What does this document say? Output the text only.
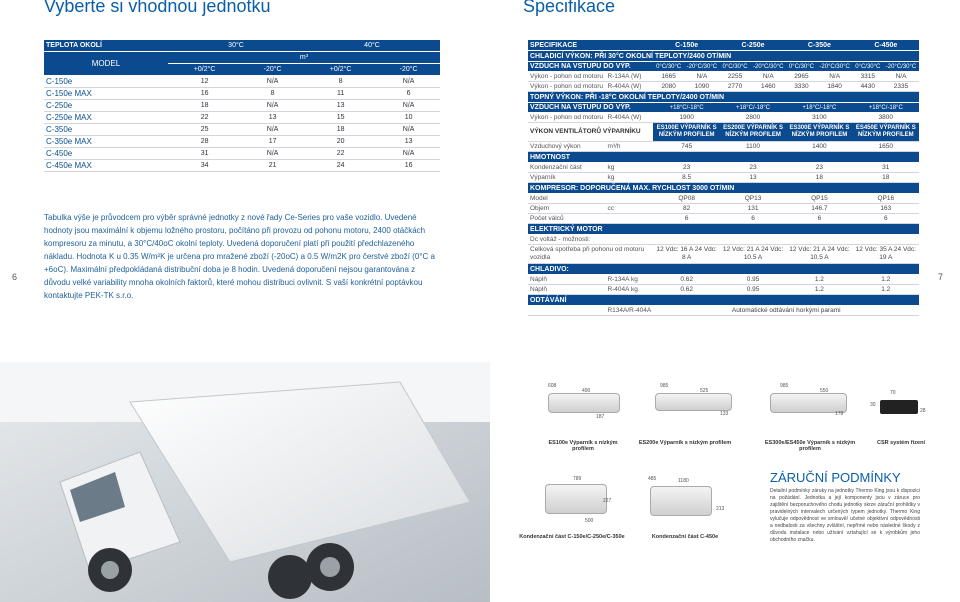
Vyberte si vhodnou jednotku
TEPLOTA OKOLÍ	30°C		40°C	
MODEL	m³			
	+0/2°C	-20°C	+0/2°C	-20°C
C-150e	12	N/A	8	N/A
C-150e MAX	16	8	11	6
C-250e	18	N/A	13	N/A
C-250e MAX	22	13	15	10
C-350e	25	N/A	18	N/A
C-350e MAX	28	17	20	13
C-450e	31	N/A	22	N/A
C-450e MAX	34	21	24	16
Tabulka výše je průvodcem pro výběr správné jednotky z nové řady Ce-Series pro vaše vozidlo. Uvedené hodnoty jsou maximální k objemu ložného prostoru, počítáno při provozu od pohonu motoru, 2400 otáčkách kompresoru za minutu, a 30°C/40oC okolní teploty. Uvedená doporučení platí při použití předchlazeného nákladu. Hodnota K u 0.35 W/m²K je určena pro mražené zboží (-20oC) a 0.5 W/m2K pro čerstvé zboží (0°C a +6oC). Maximální předpokládaná distribuční doba je 8 hodin. Uvedená doporučení nejsou garantována z důvodu velké variability mnoha okolních faktorů, které mohou distribuci ovlivnit. S vaší konkrétní poptávkou kontaktujte PEK-TK s.r.o.
6
Specifikace
SPECIFIKACE		C-150e		C-250e		C-350e		C-450e	
CHLADICÍ VÝKON: PŘI 30°C OKOLNÍ TEPLOTY/2400 OT/MIN									
VZDUCH NA VSTUPU DO VÝP.		0°C/30°C	-20°C/30°C	0°C/30°C	-20°C/30°C	0°C/30°C	-20°C/30°C	0°C/30°C	-20°C/30°C
Výkon - pohon od motoru	R-134A (W)	1665	N/A	2255	N/A	2965	N/A	3315	N/A
Výkon - pohon od motoru	R-404A (W)	2080	1090	2770	1460	3330	1840	4430	2335
TOPNÝ VÝKON: PŘI -18°C OKOLNÍ TEPLOTY/2400 OT/MIN									
VZDUCH NA VSTUPU DO VÝP.		+18°C/-18°C		+18°C/-18°C		+18°C/-18°C		+18°C/-18°C	
Výkon - pohon od motoru	R-404A (W)	1900		2800		3100		3800	
VÝKON VENTILÁTORŮ VÝPARNÍKU		ES100E VÝPARNÍK S NÍZKÝM PROFILEM		ES200E VÝPARNÍK S NÍZKÝM PROFILEM		ES300E VÝPARNÍK S NÍZKÝM PROFILEM		ES450E VÝPARNÍK S NÍZKÝM PROFILEM	
Vzduchový výkon	m³/h	745		1100		1400		1650	
HMOTNOST									
Kondenzační část	kg	23		23		23		31	
Výparník	kg	8.5		13		18		18	
KOMPRESOR: DOPORUČENÁ MAX. RYCHLOST 3000 OT/MIN									
Model		QP08		QP13		QP15		QP16	
Objem	cc	82		131		146.7		163	
Počet válců		6		6		6		6	
ELEKTRICKÝ MOTOR									
Dc voltáž - možnosti:									
Celková spotřeba při pohonu od motoru vozidla		12 Vdc: 16 A 24 Vdc: 8 A		12 Vdc: 21 A 24 Vdc: 10.5 A		12 Vdc: 21 A 24 Vdc: 10.5 A		12 Vdc: 35 A 24 Vdc: 19 A	
CHLADIVO:									
Náplň	R-134A kg	0.62		0.95		1.2		1.2	
Náplň	R-404A kg	0.62		0.95		1.2		1.2	
ODTÁVÁNÍ									
	R134A/R-404A	Automatické odtávání horkými parami							
7
608
490
187
985
525
133
985
550
178
70
30
28
ES100e Výparník s nízkým profilem
ES200e Výparník s nízkým profilem	ES300e/ES450e Výparník s nízkým profilem
CSR systém řízení
789
227
500
485	1180
213
Kondenzační část C-150e/C-250e/C-350e	Kondenzační část C-450e
ZÁRUČNÍ PODMÍNKY
Detailní podmínky záruky na jednotky Thermo King jsou k dispozici na požádání. Jednotka a její komponenty jsou v záruce pro zajištění bezporuchového chodu jednotky skrze záruční prohlídky v pravidelných intervalech určených typem jednotky. Thermo King vylučuje odpovědnost ve smlouvě/ učetné objektivní odpovědnosti a nedbalosti za všechny zvláštní, nepřímé nebo následné škody z důvodu instalace nebo užívání vztahující se k výrobkům jeho obchodního značku.
